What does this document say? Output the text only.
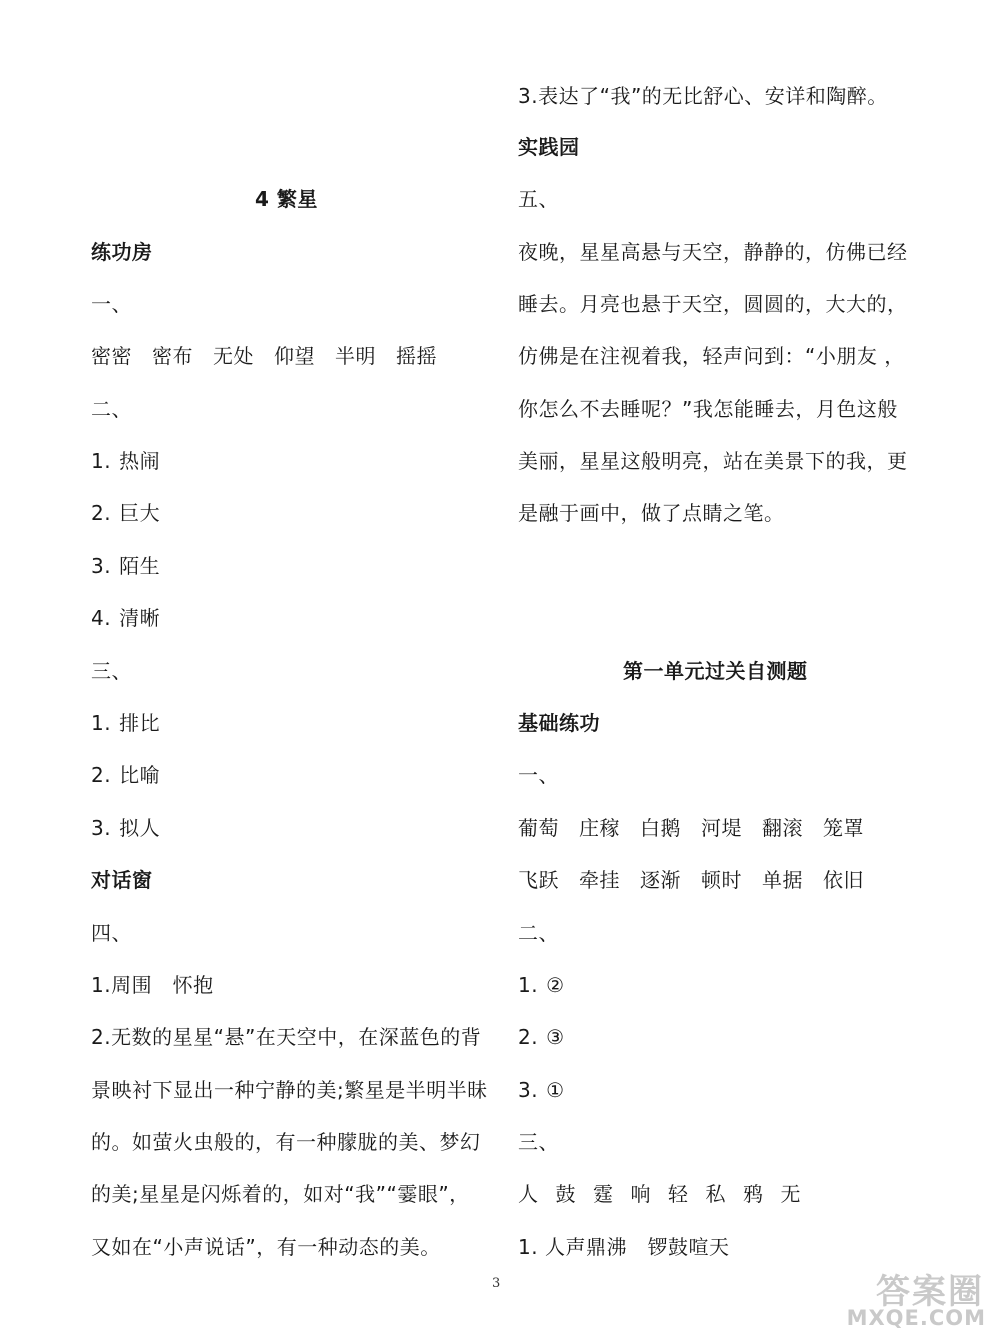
4 繁星
练功房
一、
密密 密布 无处 仰望 半明 摇摇
二、
1. 热闹
2. 巨大
3. 陌生
4. 清晰
三、
1. 排比
2. 比喻
3. 拟人
对话窗
四、
1.周围　怀抱
2.无数的星星“悬”在天空中，在深蓝色的背
景映衬下显出一种宁静的美;繁星是半明半昧
的。如萤火虫般的，有一种朦胧的美、梦幻
的美;星星是闪烁着的，如对“我”“霎眼”，
又如在“小声说话”，有一种动态的美。
3.表达了“我”的无比舒心、安详和陶醉。
实践园
五、
夜晚，星星高悬与天空，静静的，仿佛已经
睡去。月亮也悬于天空，圆圆的，大大的，
仿佛是在注视着我，轻声问到：“小朋友 ，
你怎么不去睡呢？”我怎能睡去，月色这般
美丽，星星这般明亮，站在美景下的我，更
是融于画中，做了点睛之笔。
第一单元过关自测题
基础练功
一、
葡萄 庄稼 白鹅 河堤 翻滚 笼罩
飞跃 牵挂 逐渐 顿时 单据 依旧
二、
1. ②
2. ③
3. ①
三、
人 鼓 霆 响 轻 私 鸦 无
1. 人声鼎沸　锣鼓喧天
3	答案圈
MXQE.COM
